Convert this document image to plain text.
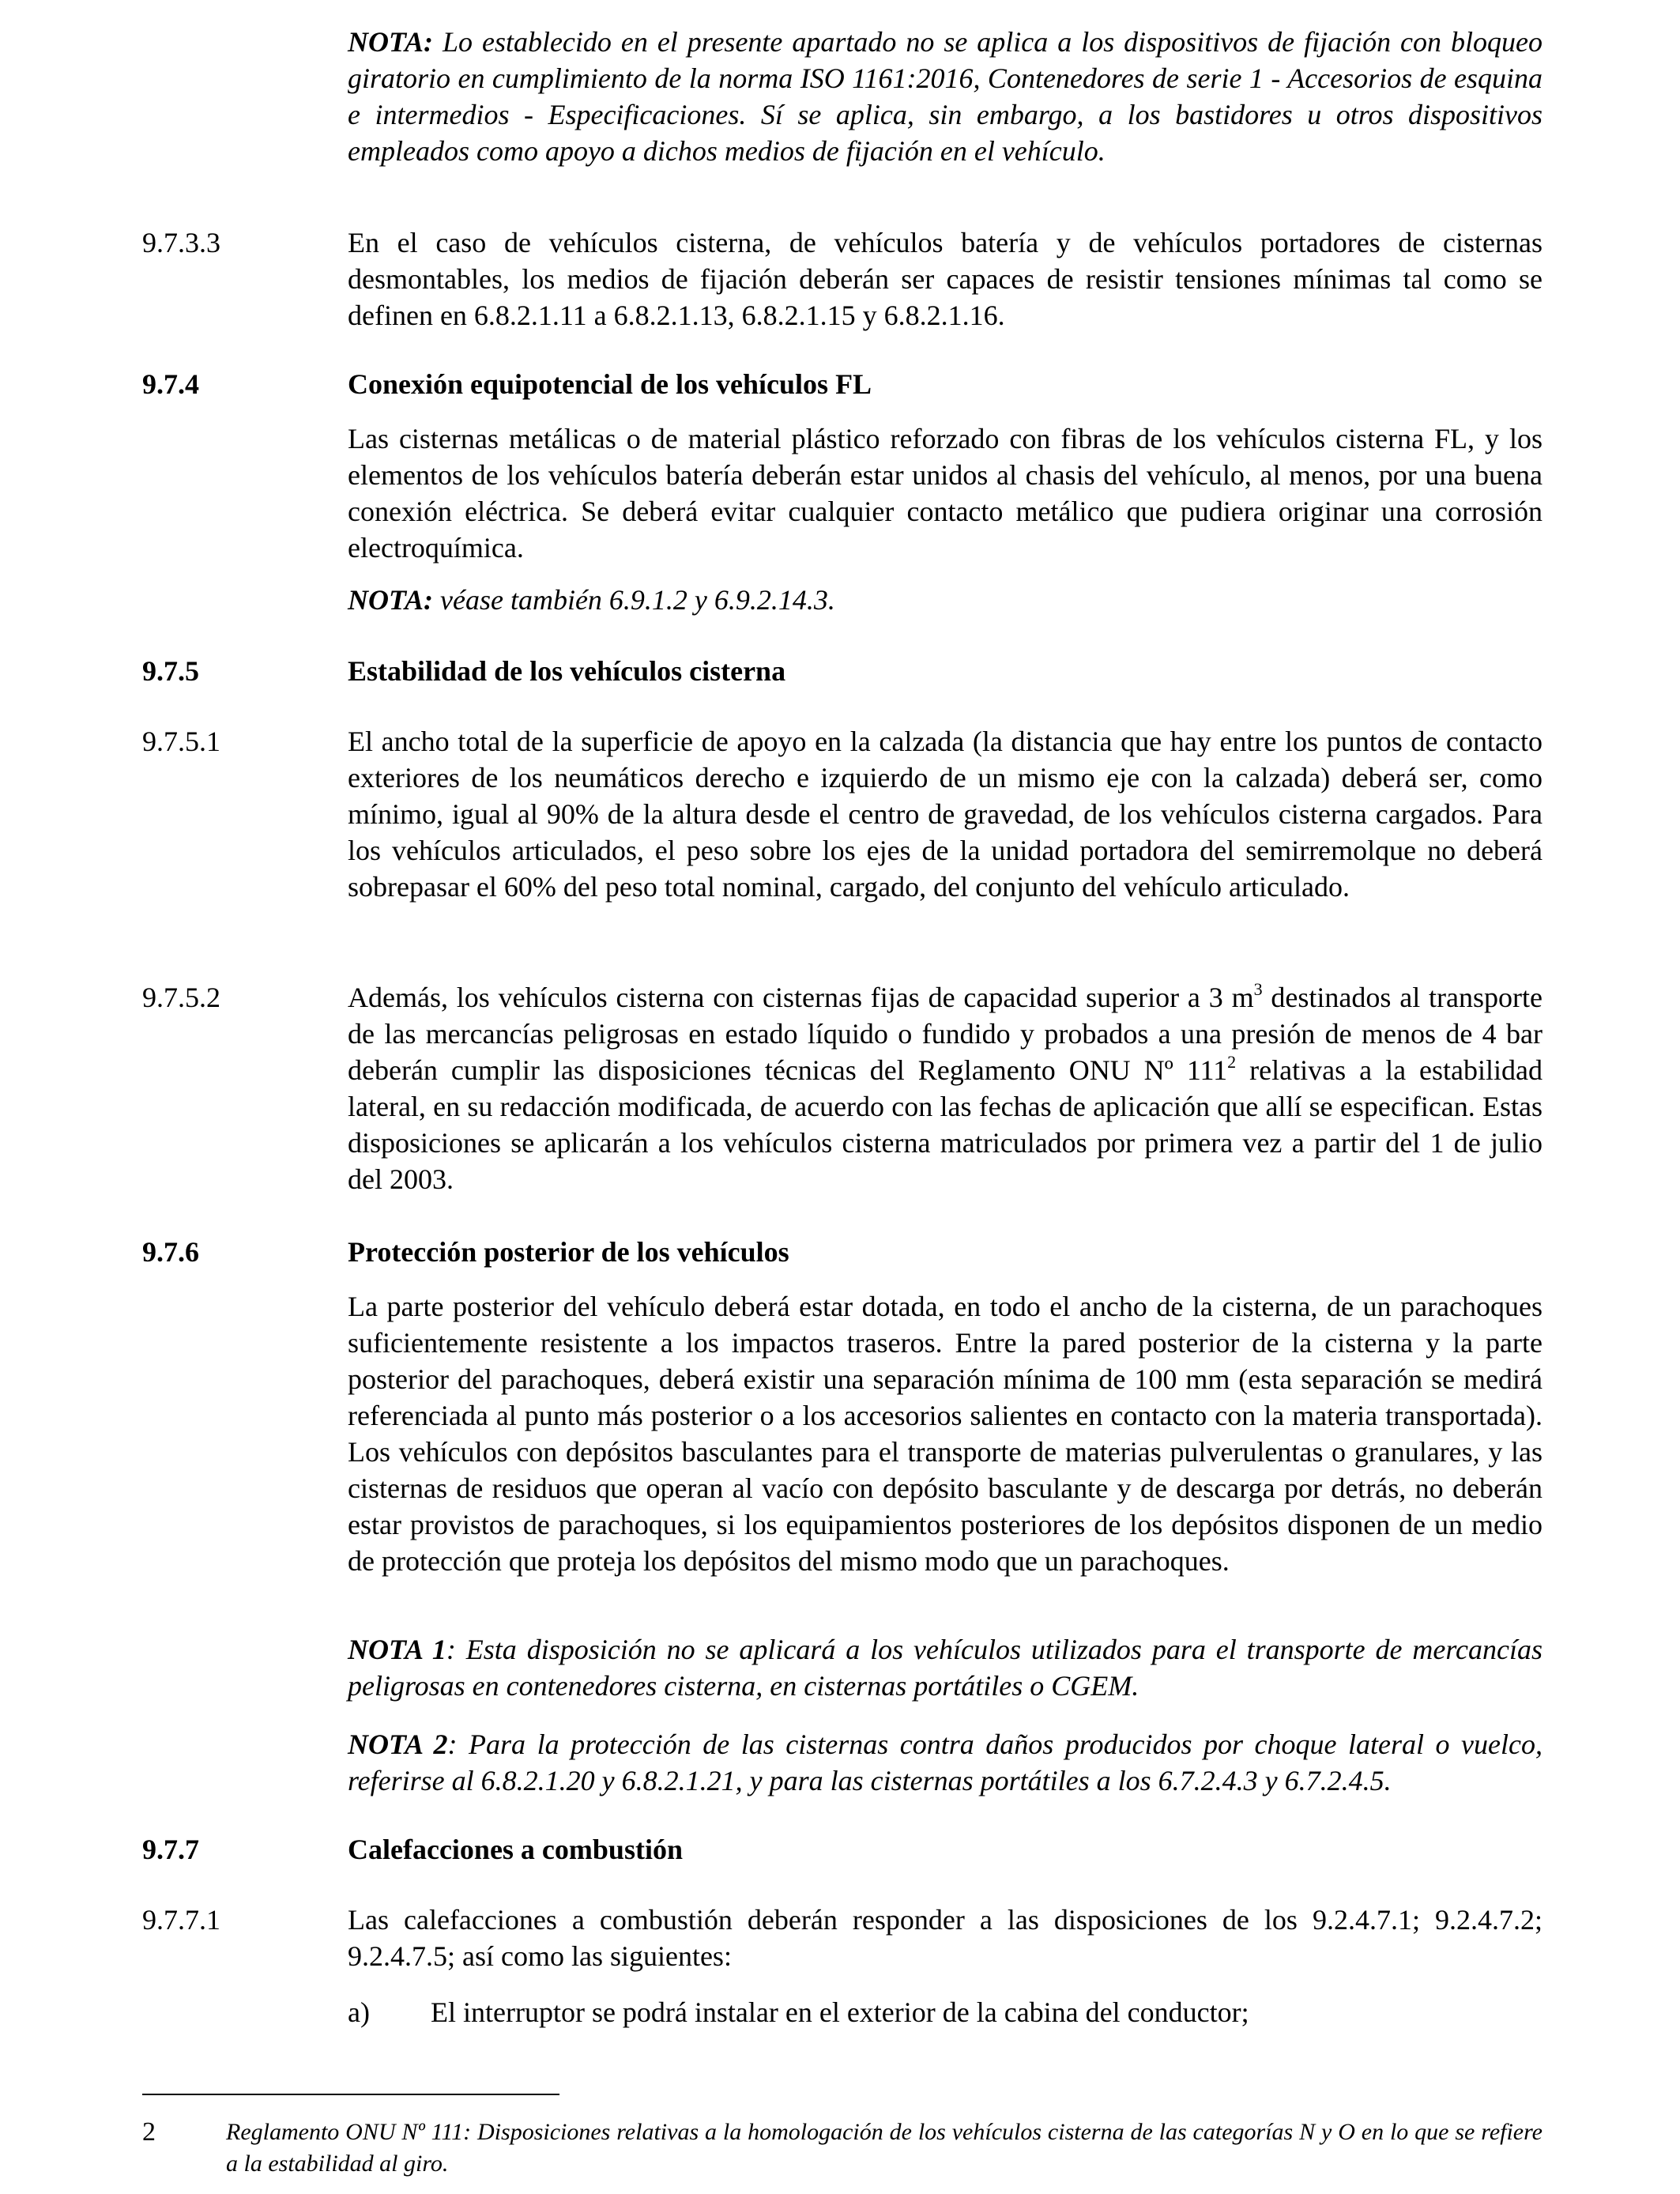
NOTA: Lo establecido en el presente apartado no se aplica a los dispositivos de fijación con bloqueo giratorio en cumplimiento de la norma ISO 1161:2016, Contenedores de serie 1 - Accesorios de esquina e intermedios - Especificaciones. Sí se aplica, sin embargo, a los bastidores u otros dispositivos empleados como apoyo a dichos medios de fijación en el vehículo.
9.7.3.3	En el caso de vehículos cisterna, de vehículos batería y de vehículos portadores de cisternas desmontables, los medios de fijación deberán ser capaces de resistir tensiones mínimas tal como se definen en 6.8.2.1.11 a 6.8.2.1.13, 6.8.2.1.15 y 6.8.2.1.16.
9.7.4	Conexión equipotencial de los vehículos FL
Las cisternas metálicas o de material plástico reforzado con fibras de los vehículos cisterna FL, y los elementos de los vehículos batería deberán estar unidos al chasis del vehículo, al menos, por una buena conexión eléctrica. Se deberá evitar cualquier contacto metálico que pudiera originar una corrosión electroquímica.
NOTA: véase también 6.9.1.2 y 6.9.2.14.3.
9.7.5	Estabilidad de los vehículos cisterna
9.7.5.1	El ancho total de la superficie de apoyo en la calzada (la distancia que hay entre los puntos de contacto exteriores de los neumáticos derecho e izquierdo de un mismo eje con la calzada) deberá ser, como mínimo, igual al 90% de la altura desde el centro de gravedad, de los vehículos cisterna cargados. Para los vehículos articulados, el peso sobre los ejes de la unidad portadora del semirremolque no deberá sobrepasar el 60% del peso total nominal, cargado, del conjunto del vehículo articulado.
9.7.5.2	Además, los vehículos cisterna con cisternas fijas de capacidad superior a 3 $m^3$ destinados al transporte de las mercancías peligrosas en estado líquido o fundido y probados a una presión de menos de 4 bar deberán cumplir las disposiciones técnicas del Reglamento ONU Nº $111^2$ relativas a la estabilidad lateral, en su redacción modificada, de acuerdo con las fechas de aplicación que allí se especifican. Estas disposiciones se aplicarán a los vehículos cisterna matriculados por primera vez a partir del 1 de julio del 2003.
9.7.6	Protección posterior de los vehículos
La parte posterior del vehículo deberá estar dotada, en todo el ancho de la cisterna, de un parachoques suficientemente resistente a los impactos traseros. Entre la pared posterior de la cisterna y la parte posterior del parachoques, deberá existir una separación mínima de 100 mm (esta separación se medirá referenciada al punto más posterior o a los accesorios salientes en contacto con la materia transportada). Los vehículos con depósitos basculantes para el transporte de materias pulverulentas o granulares, y las cisternas de residuos que operan al vacío con depósito basculante y de descarga por detrás, no deberán estar provistos de parachoques, si los equipamientos posteriores de los depósitos disponen de un medio de protección que proteja los depósitos del mismo modo que un parachoques.
NOTA 1: Esta disposición no se aplicará a los vehículos utilizados para el transporte de mercancías peligrosas en contenedores cisterna, en cisternas portátiles o CGEM.
NOTA 2: Para la protección de las cisternas contra daños producidos por choque lateral o vuelco, referirse al 6.8.2.1.20 y 6.8.2.1.21, y para las cisternas portátiles a los 6.7.2.4.3 y 6.7.2.4.5.
9.7.7	Calefacciones a combustión
9.7.7.1	Las calefacciones a combustión deberán responder a las disposiciones de los 9.2.4.7.1; 9.2.4.7.2; 9.2.4.7.5; así como las siguientes:
a) El interruptor se podrá instalar en el exterior de la cabina del conductor;
2	Reglamento ONU Nº 111: Disposiciones relativas a la homologación de los vehículos cisterna de las categorías N y O en lo que se refiere a la estabilidad al giro.
